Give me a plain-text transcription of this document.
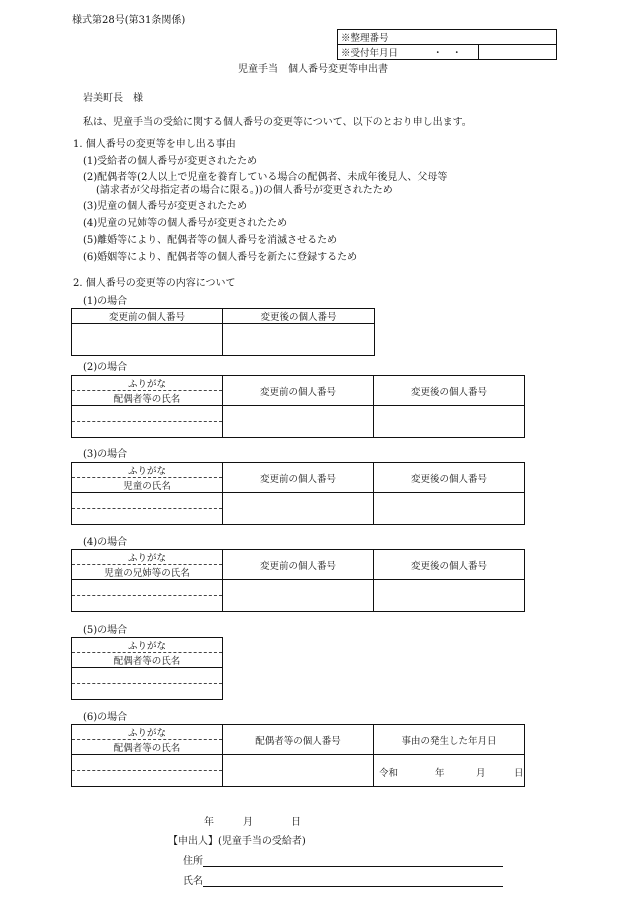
様式第28号(第31条関係)
※整理番号
※受付年月日	・　・

児童手当　個人番号変更等申出書
岩美町長　様
私は、児童手当の受給に関する個人番号の変更等について、以下のとおり申し出ます。
1. 個人番号の変更等を申し出る事由
(1)受給者の個人番号が変更されたため
(2)配偶者等(2人以上で児童を養育している場合の配偶者、未成年後見人、父母等
(請求者が父母指定者の場合に限る。))の個人番号が変更されたため
(3)児童の個人番号が変更されたため
(4)児童の兄姉等の個人番号が変更されたため
(5)離婚等により、配偶者等の個人番号を消滅させるため
(6)婚姻等により、配偶者等の個人番号を新たに登録するため
2. 個人番号の変更等の内容について
(1)の場合
変更前の個人番号	変更後の個人番号

(2)の場合
ふりがな
配偶者等の氏名	変更前の個人番号	変更後の個人番号

(3)の場合
ふりがな
児童の氏名	変更前の個人番号	変更後の個人番号

(4)の場合
ふりがな
児童の兄姉等の氏名	変更前の個人番号	変更後の個人番号

(5)の場合
ふりがな
配偶者等の氏名

(6)の場合
ふりがな
配偶者等の氏名	配偶者等の個人番号	事由の発生した年月日

		令和 年 月 日
年	月	日
【申出人】(児童手当の受給者)
住所
氏名
